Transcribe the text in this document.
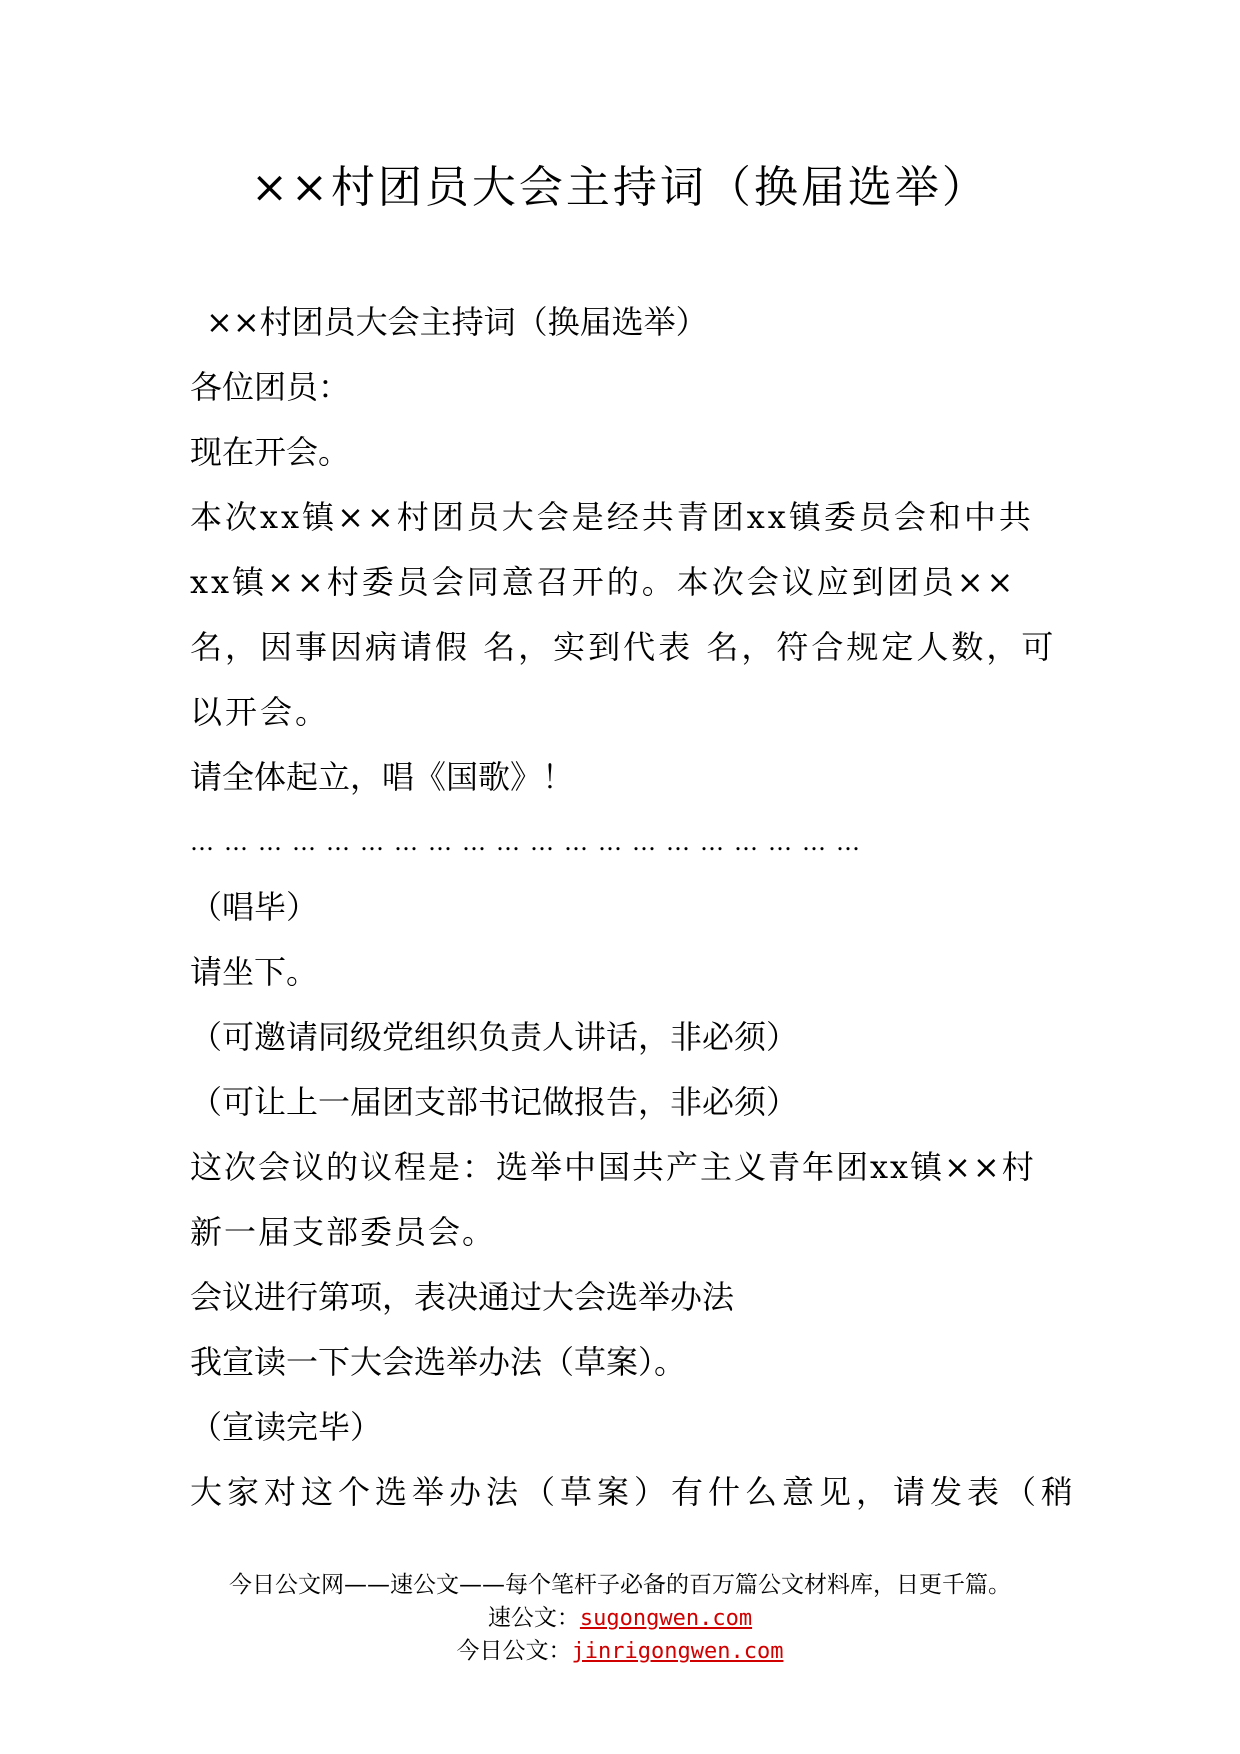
××村团员大会主持词（换届选举）

××村团员大会主持词（换届选举）

各位团员：

现在开会。

本次xx镇××村团员大会是经共青团xx镇委员会和中共xx镇××村委员会同意召开的。本次会议应到团员××名，因事因病请假 名，实到代表 名，符合规定人数，可以开会。

请全体起立，唱《国歌》！

……………………………………………………

（唱毕）

请坐下。

（可邀请同级党组织负责人讲话，非必须）

（可让上一届团支部书记做报告，非必须）

这次会议的议程是：选举中国共产主义青年团xx镇××村新一届支部委员会。

会议进行第项，表决通过大会选举办法

我宣读一下大会选举办法（草案）。

（宣读完毕）

大家对这个选举办法（草案）有什么意见，请发表（稍

今日公文网——速公文——每个笔杆子必备的百万篇公文材料库，日更千篇。

速公文：sugongwen.com

今日公文：jinrigongwen.com
